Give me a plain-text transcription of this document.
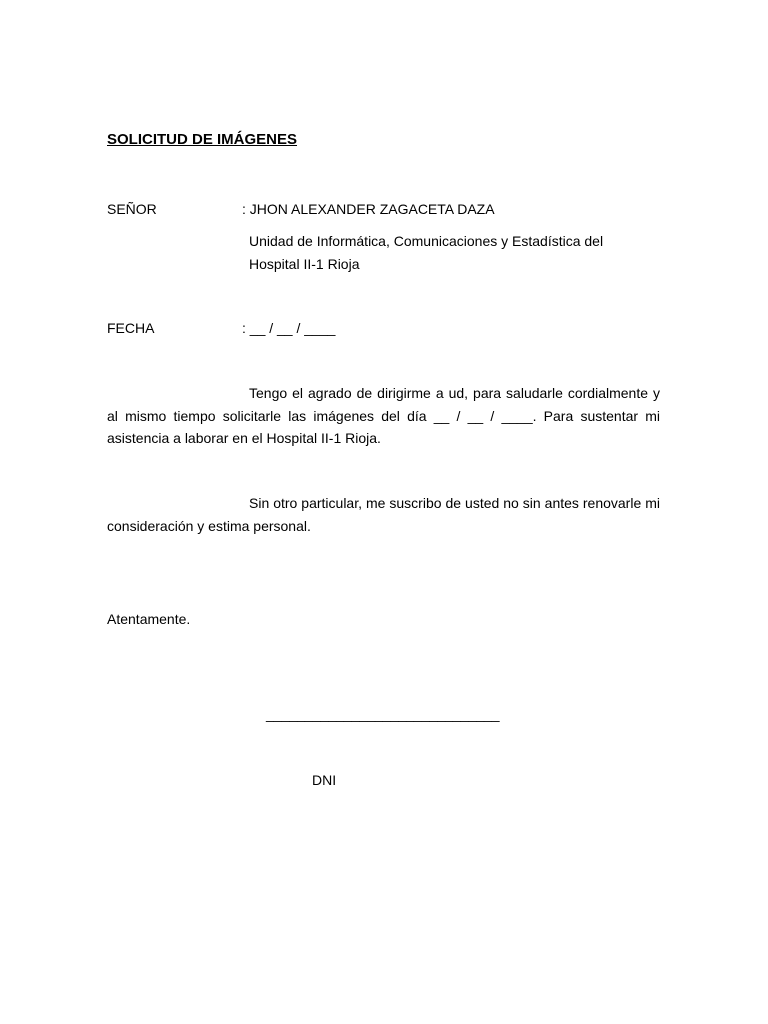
SOLICITUD DE IMÁGENES
SEÑOR	: JHON ALEXANDER ZAGACETA DAZA
Unidad de Informática, Comunicaciones y Estadística del
Hospital II-1 Rioja
FECHA	: __ / __ / ____
Tengo el agrado de dirigirme a ud, para saludarle cordialmente y al mismo tiempo solicitarle las imágenes del día __ / __ / ____. Para sustentar mi asistencia a laborar en el Hospital II-1 Rioja.
Sin otro particular, me suscribo de usted no sin antes renovarle mi consideración y estima personal.
Atentamente.
______________________________
DNI
